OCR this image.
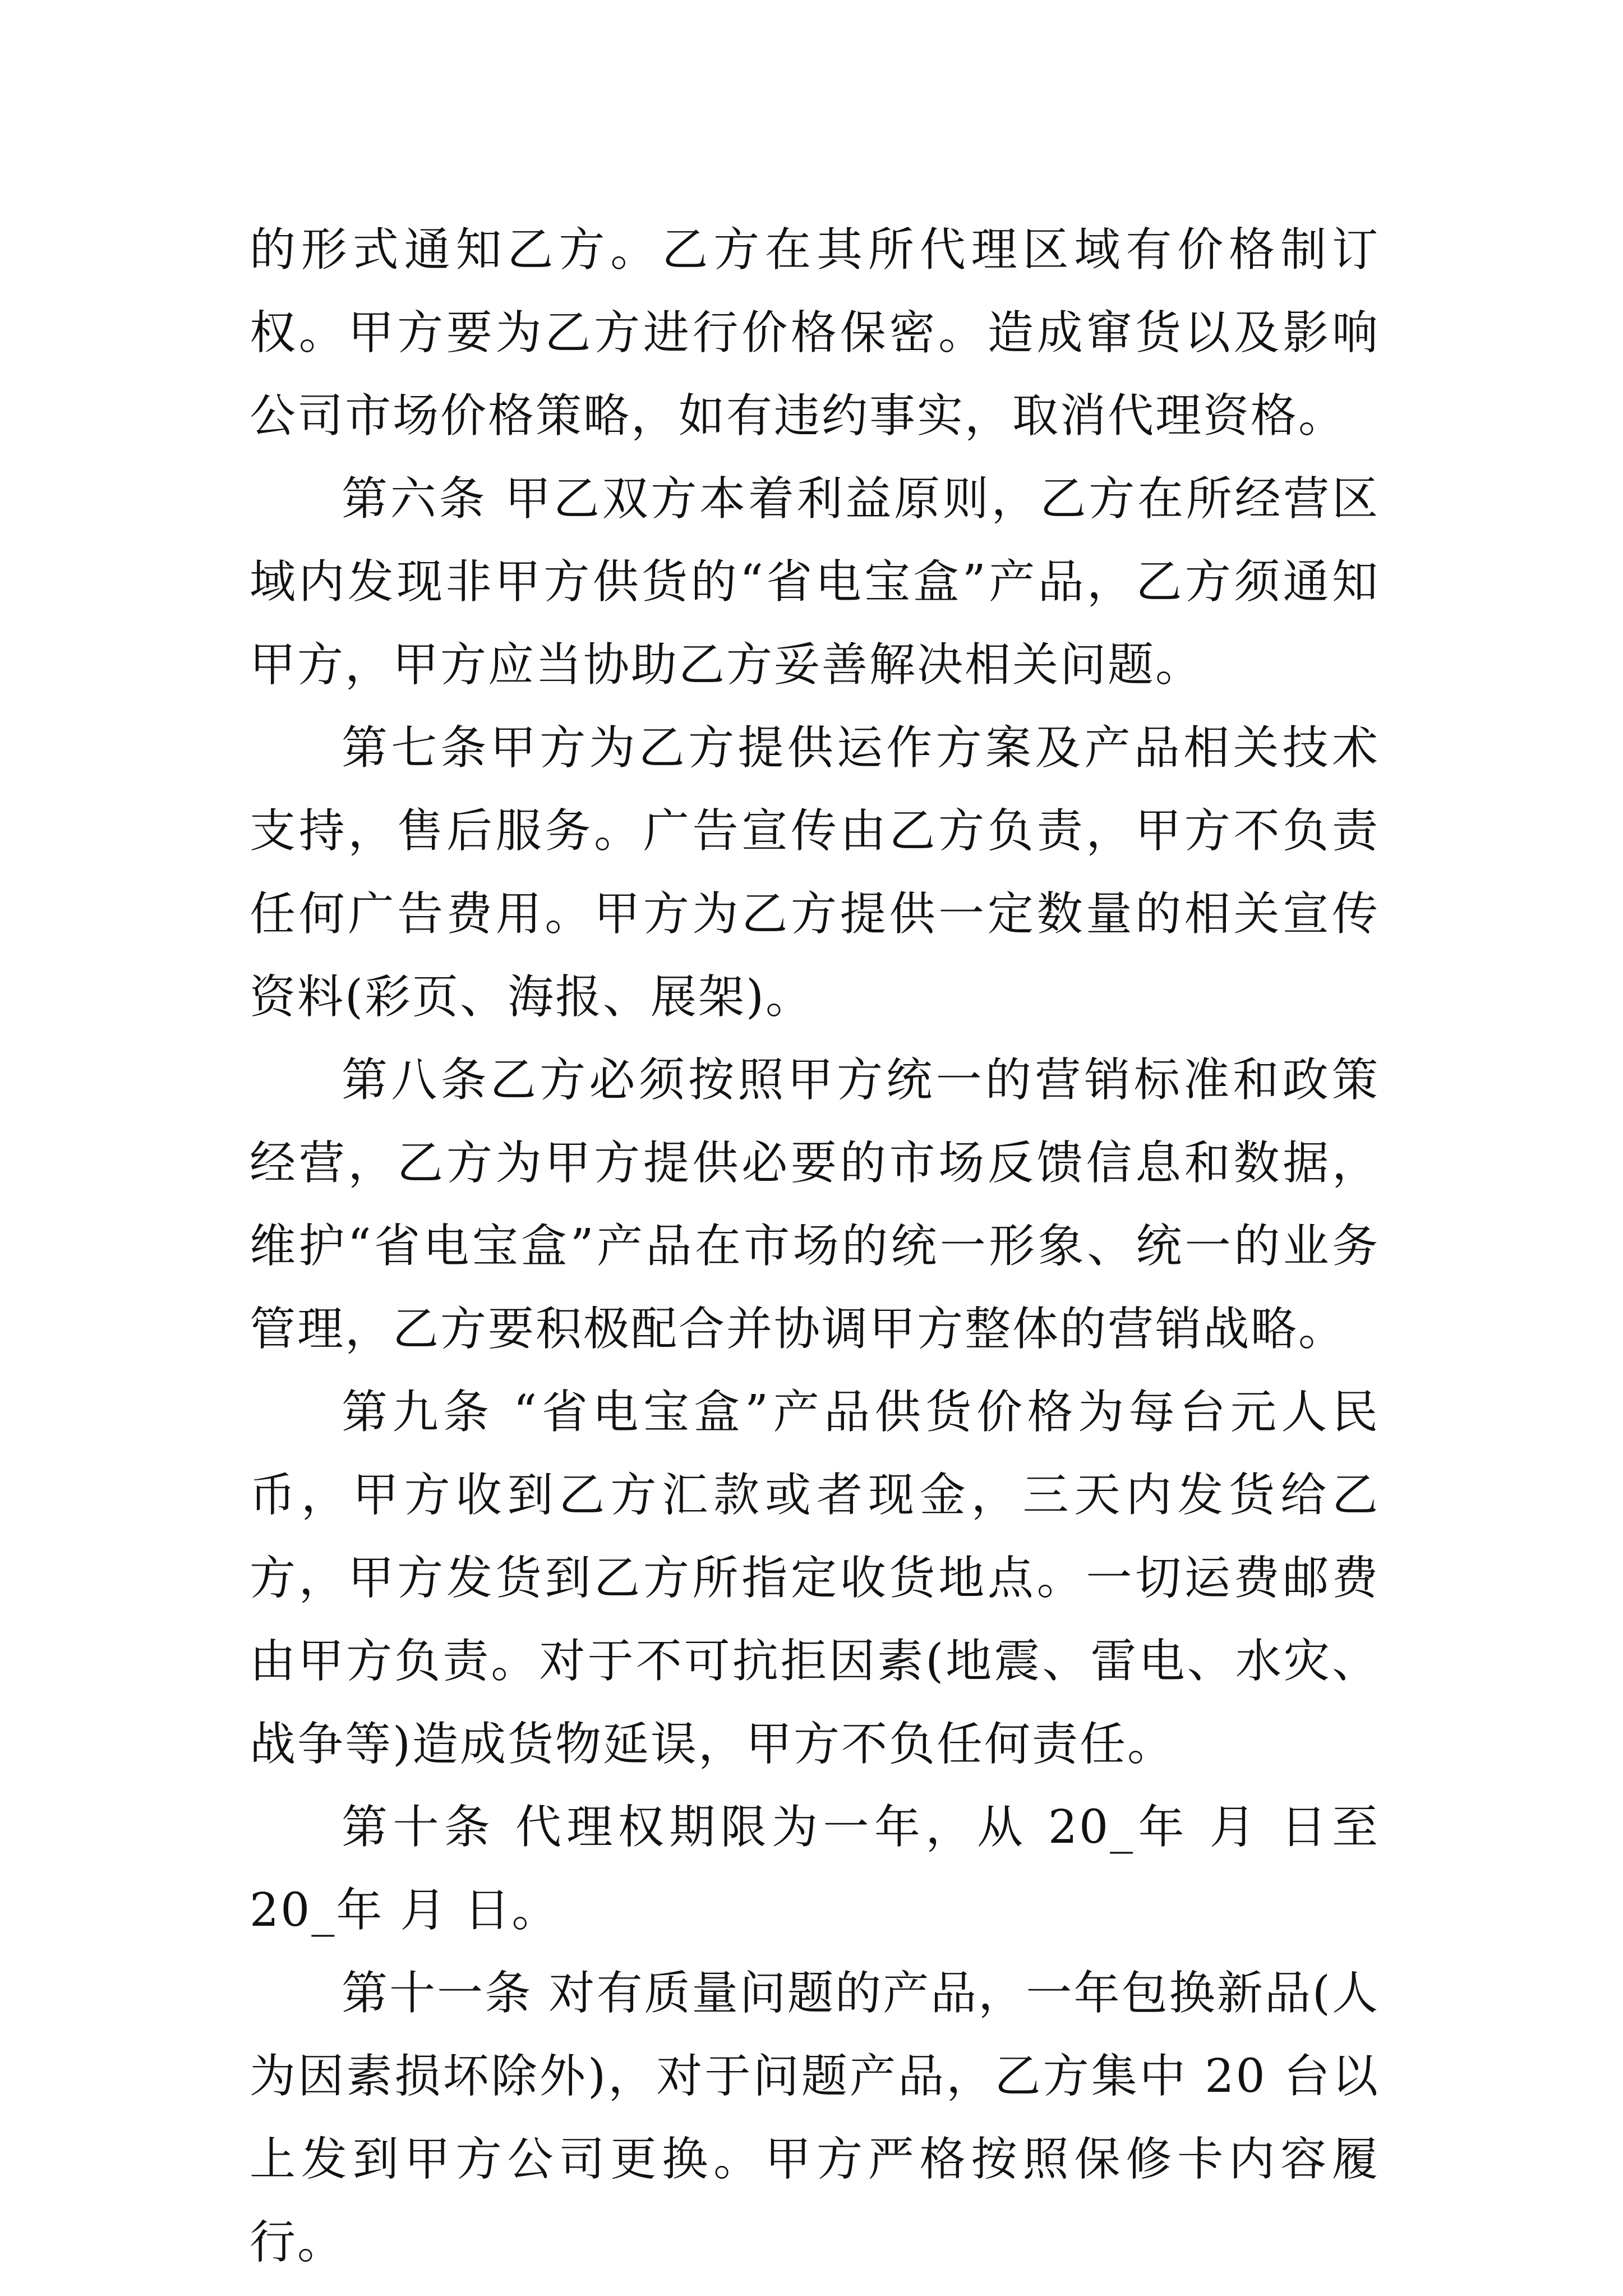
的形式通知乙方。乙方在其所代理区域有价格制订权。甲方要为乙方进行价格保密。造成窜货以及影响公司市场价格策略，如有违约事实，取消代理资格。

第六条 甲乙双方本着利益原则，乙方在所经营区域内发现非甲方供货的“省电宝盒”产品，乙方须通知甲方，甲方应当协助乙方妥善解决相关问题。

第七条甲方为乙方提供运作方案及产品相关技术支持，售后服务。广告宣传由乙方负责，甲方不负责任何广告费用。甲方为乙方提供一定数量的相关宣传资料(彩页、海报、展架)。

第八条乙方必须按照甲方统一的营销标准和政策经营，乙方为甲方提供必要的市场反馈信息和数据，维护“省电宝盒”产品在市场的统一形象、统一的业务管理，乙方要积极配合并协调甲方整体的营销战略。

第九条 “省电宝盒”产品供货价格为每台元人民币，甲方收到乙方汇款或者现金，三天内发货给乙方，甲方发货到乙方所指定收货地点。一切运费邮费由甲方负责。对于不可抗拒因素(地震、雷电、水灾、战争等)造成货物延误，甲方不负任何责任。

第十条 代理权期限为一年，从 20_年 月 日至 20_年 月 日。

第十一条 对有质量问题的产品，一年包换新品(人为因素损坏除外)，对于问题产品，乙方集中 20 台以上发到甲方公司更换。甲方严格按照保修卡内容履行。
